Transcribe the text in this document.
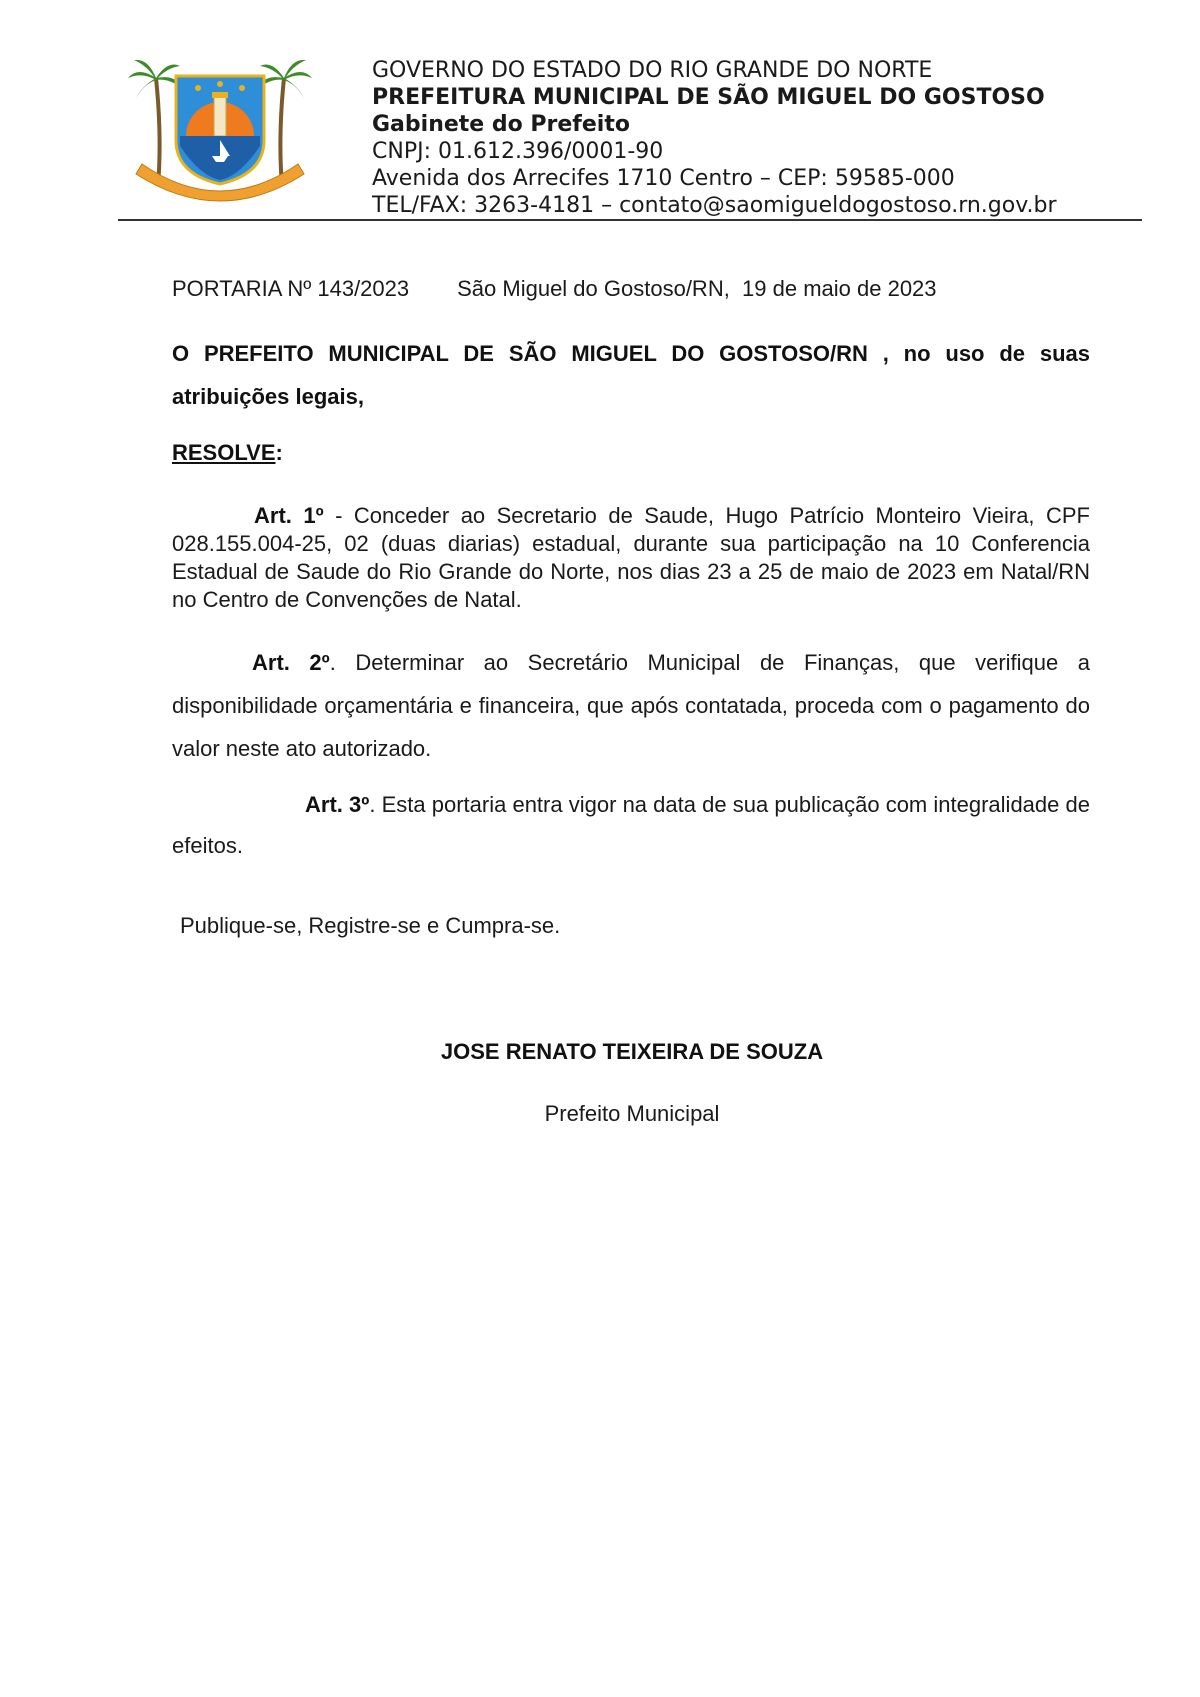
GOVERNO DO ESTADO DO RIO GRANDE DO NORTE
PREFEITURA MUNICIPAL DE SÃO MIGUEL DO GOSTOSO
Gabinete do Prefeito
CNPJ: 01.612.396/0001-90
Avenida dos Arrecifes 1710 Centro – CEP: 59585-000
TEL/FAX: 3263-4181 – contato@saomigueldogostoso.rn.gov.br
PORTARIA Nº 143/2023 São Miguel do Gostoso/RN,  19 de maio de 2023
O PREFEITO MUNICIPAL DE SÃO MIGUEL DO GOSTOSO/RN , no uso de suas
atribuições legais,
RESOLVE:

Art. 1º - Conceder ao Secretario de Saude, Hugo Patrício Monteiro Vieira, CPF 028.155.004-25, 02 (duas diarias) estadual, durante sua participação na 10 Conferencia Estadual de Saude do Rio Grande do Norte, nos dias 23 a 25 de maio de 2023 em Natal/RN no Centro de Convenções de Natal.

Art. 2º. Determinar ao Secretário Municipal de Finanças, que verifique a disponibilidade orçamentária e financeira, que após contatada, proceda com o pagamento do valor neste ato autorizado.

Art. 3º. Esta portaria entra vigor na data de sua publicação com integralidade de efeitos.

Publique-se, Registre-se e Cumpra-se.
JOSE RENATO TEIXEIRA DE SOUZA
Prefeito Municipal
